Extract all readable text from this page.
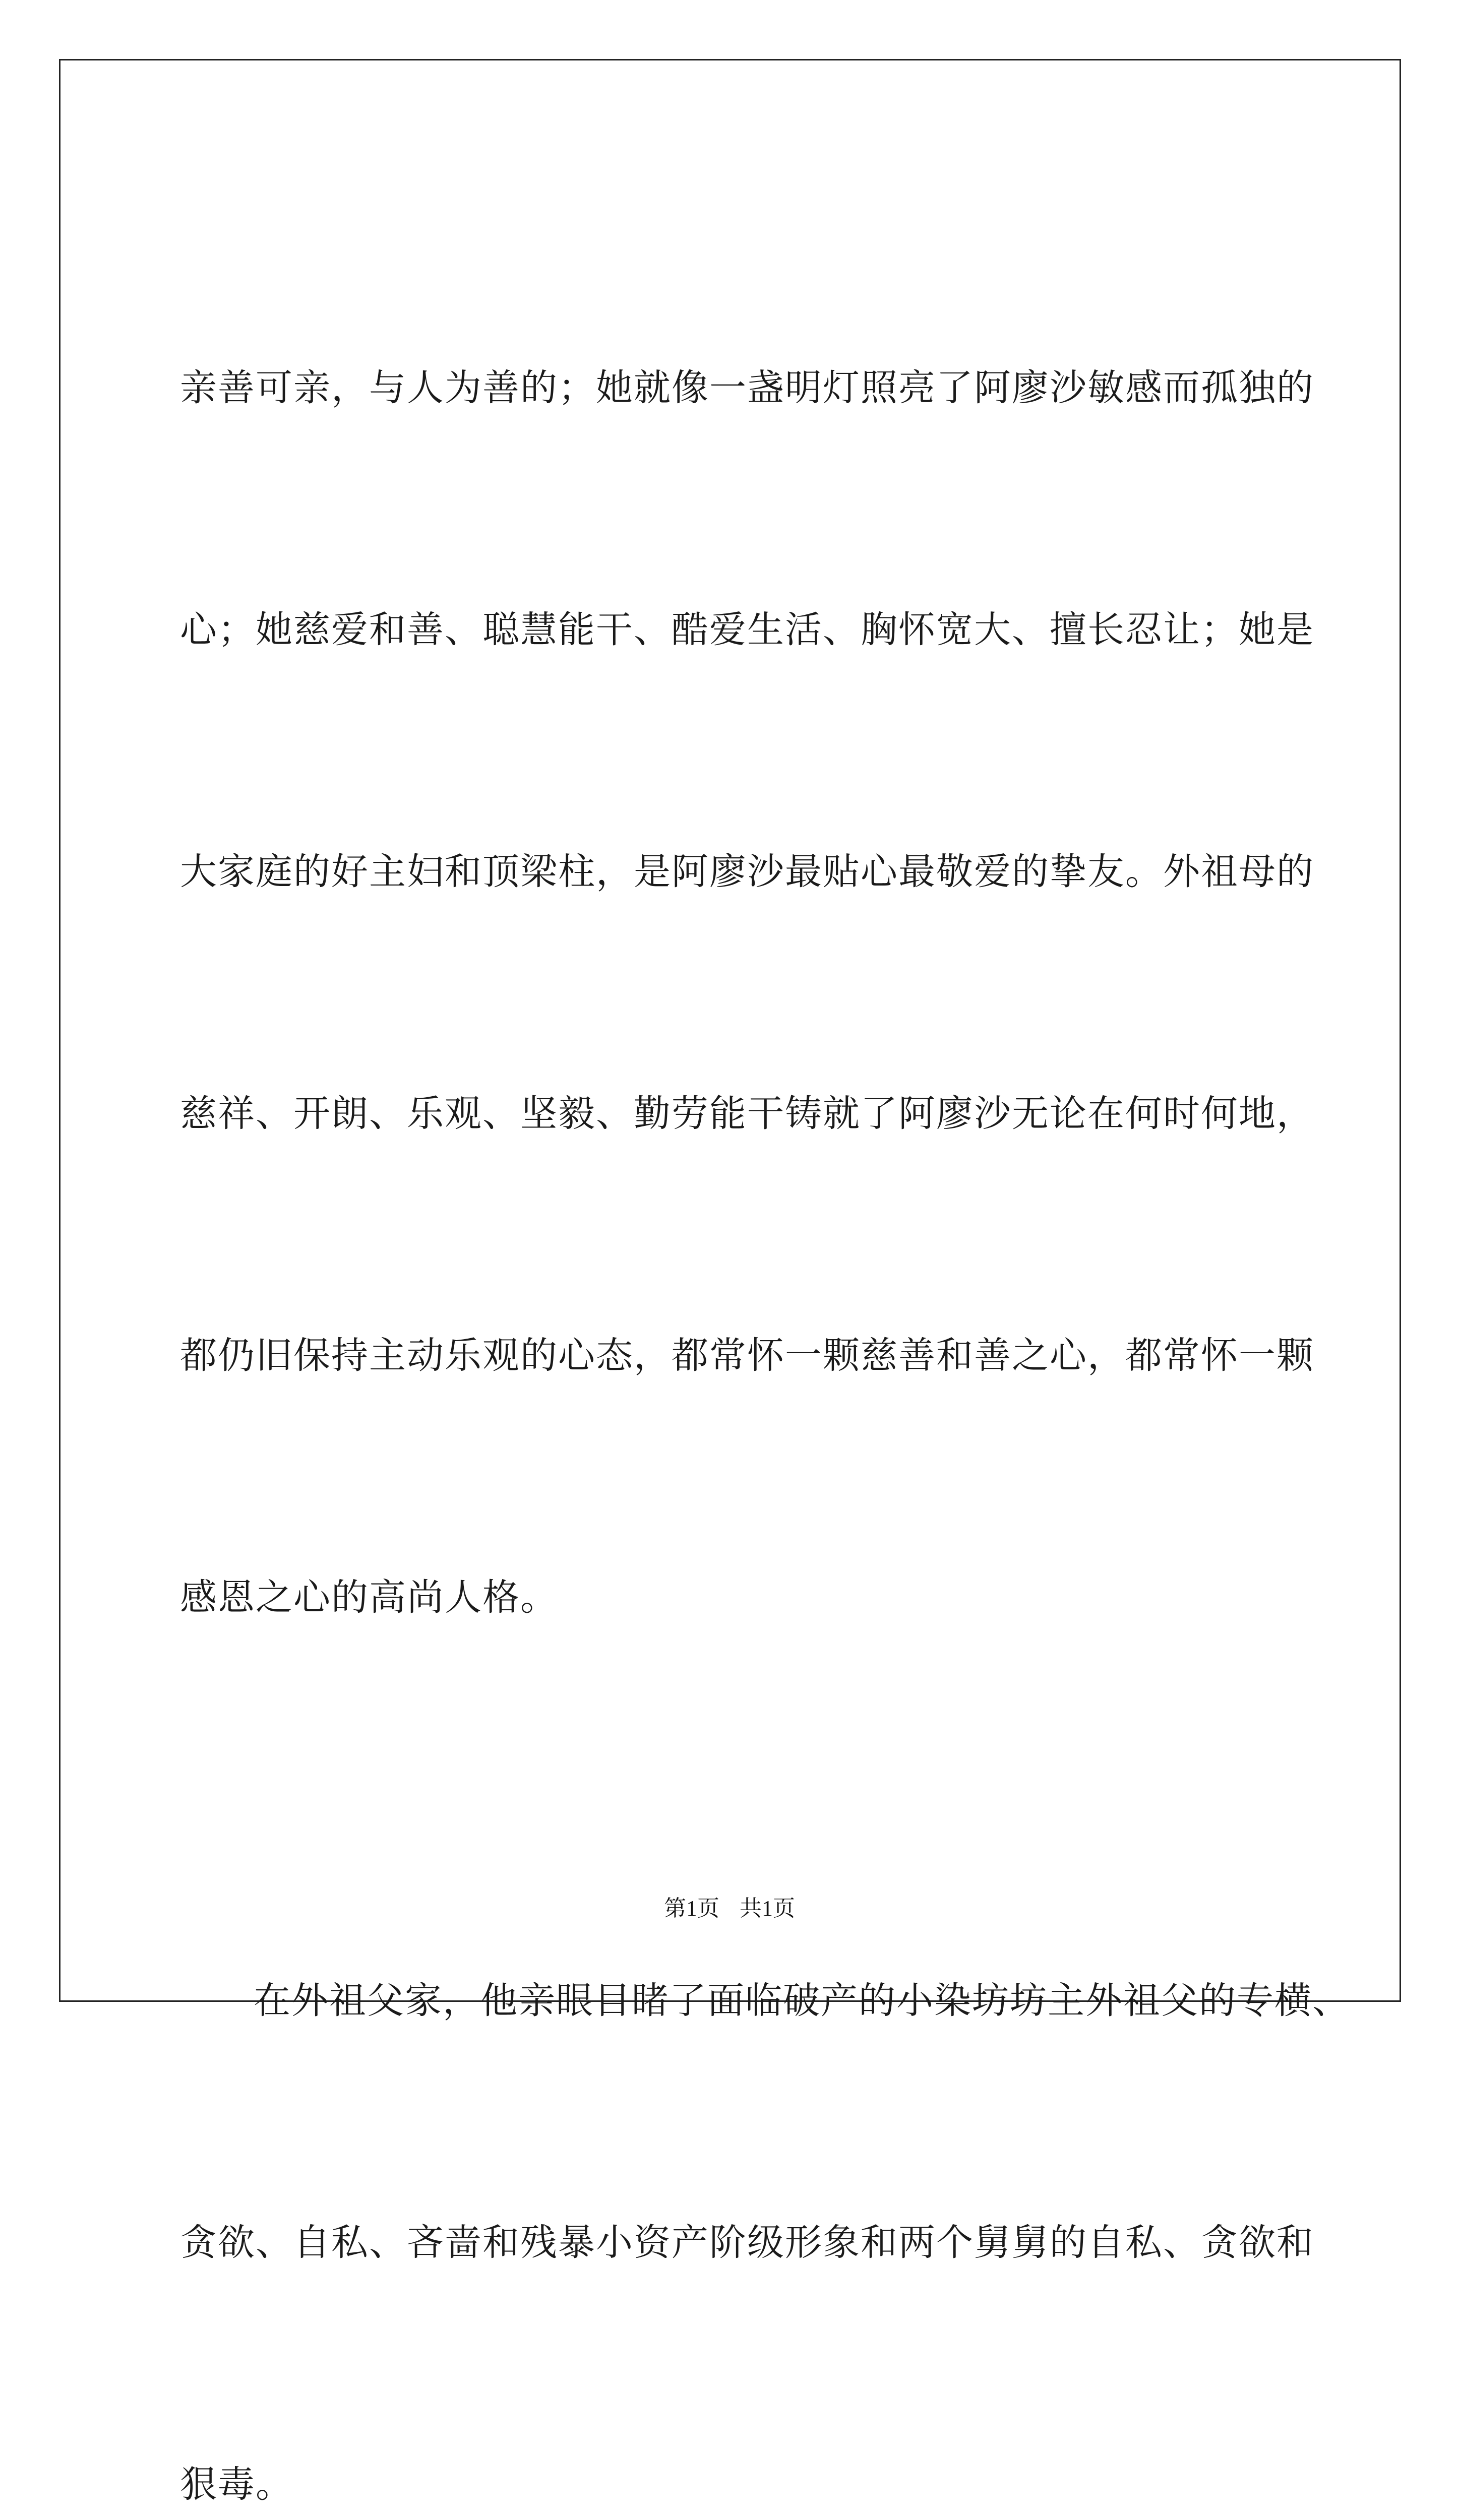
亲善可亲，与人为善的；她就像一盏明灯照亮了阿廖沙敏感而孤独的

心；她慈爱和善、聪慧能干、酷爱生活、胸怀宽大、擅长忍让；她是

大家庭的好主妇和顶梁柱，是阿廖沙最贴心最敬爱的挚友。外祖母的

慈祥、开朗、乐观、坚毅、勤劳能干铸就了阿廖沙无论在何时何地，

都仍旧保持主动乐观的心态，都常怀一颗慈善和善之心，都常怀一颗

感恩之心的高尚人格。

在外祖父家，他亲眼目睹了面临破产的小染坊坊主外祖父的专横、

贪欲、自私、吝啬和残暴小资产阶级形象和两个舅舅的自私、贪欲和

狠毒。

第1页 共1页
